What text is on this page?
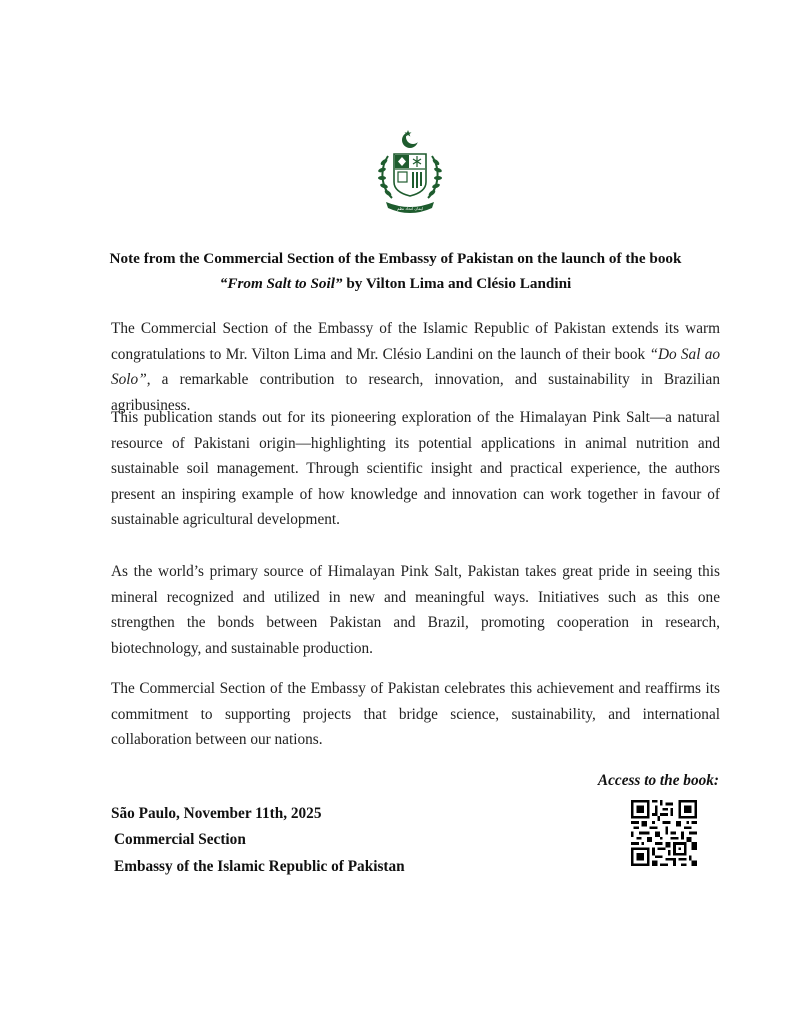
ایمان اتحاد نظم
Note from the Commercial Section of the Embassy of Pakistan on the launch of the book
“From Salt to Soil” by Vilton Lima and Clésio Landini

The Commercial Section of the Embassy of the Islamic Republic of Pakistan extends its warm congratulations to Mr. Vilton Lima and Mr. Clésio Landini on the launch of their book “Do Sal ao Solo”, a remarkable contribution to research, innovation, and sustainability in Brazilian agribusiness.

This publication stands out for its pioneering exploration of the Himalayan Pink Salt—a natural resource of Pakistani origin—highlighting its potential applications in animal nutrition and sustainable soil management. Through scientific insight and practical experience, the authors present an inspiring example of how knowledge and innovation can work together in favour of sustainable agricultural development.

As the world’s primary source of Himalayan Pink Salt, Pakistan takes great pride in seeing this mineral recognized and utilized in new and meaningful ways. Initiatives such as this one strengthen the bonds between Pakistan and Brazil, promoting cooperation in research, biotechnology, and sustainable production.

The Commercial Section of the Embassy of Pakistan celebrates this achievement and reaffirms its commitment to supporting projects that bridge science, sustainability, and international collaboration between our nations.

Access to the book:
São Paulo, November 11th, 2025
Commercial Section
Embassy of the Islamic Republic of Pakistan
